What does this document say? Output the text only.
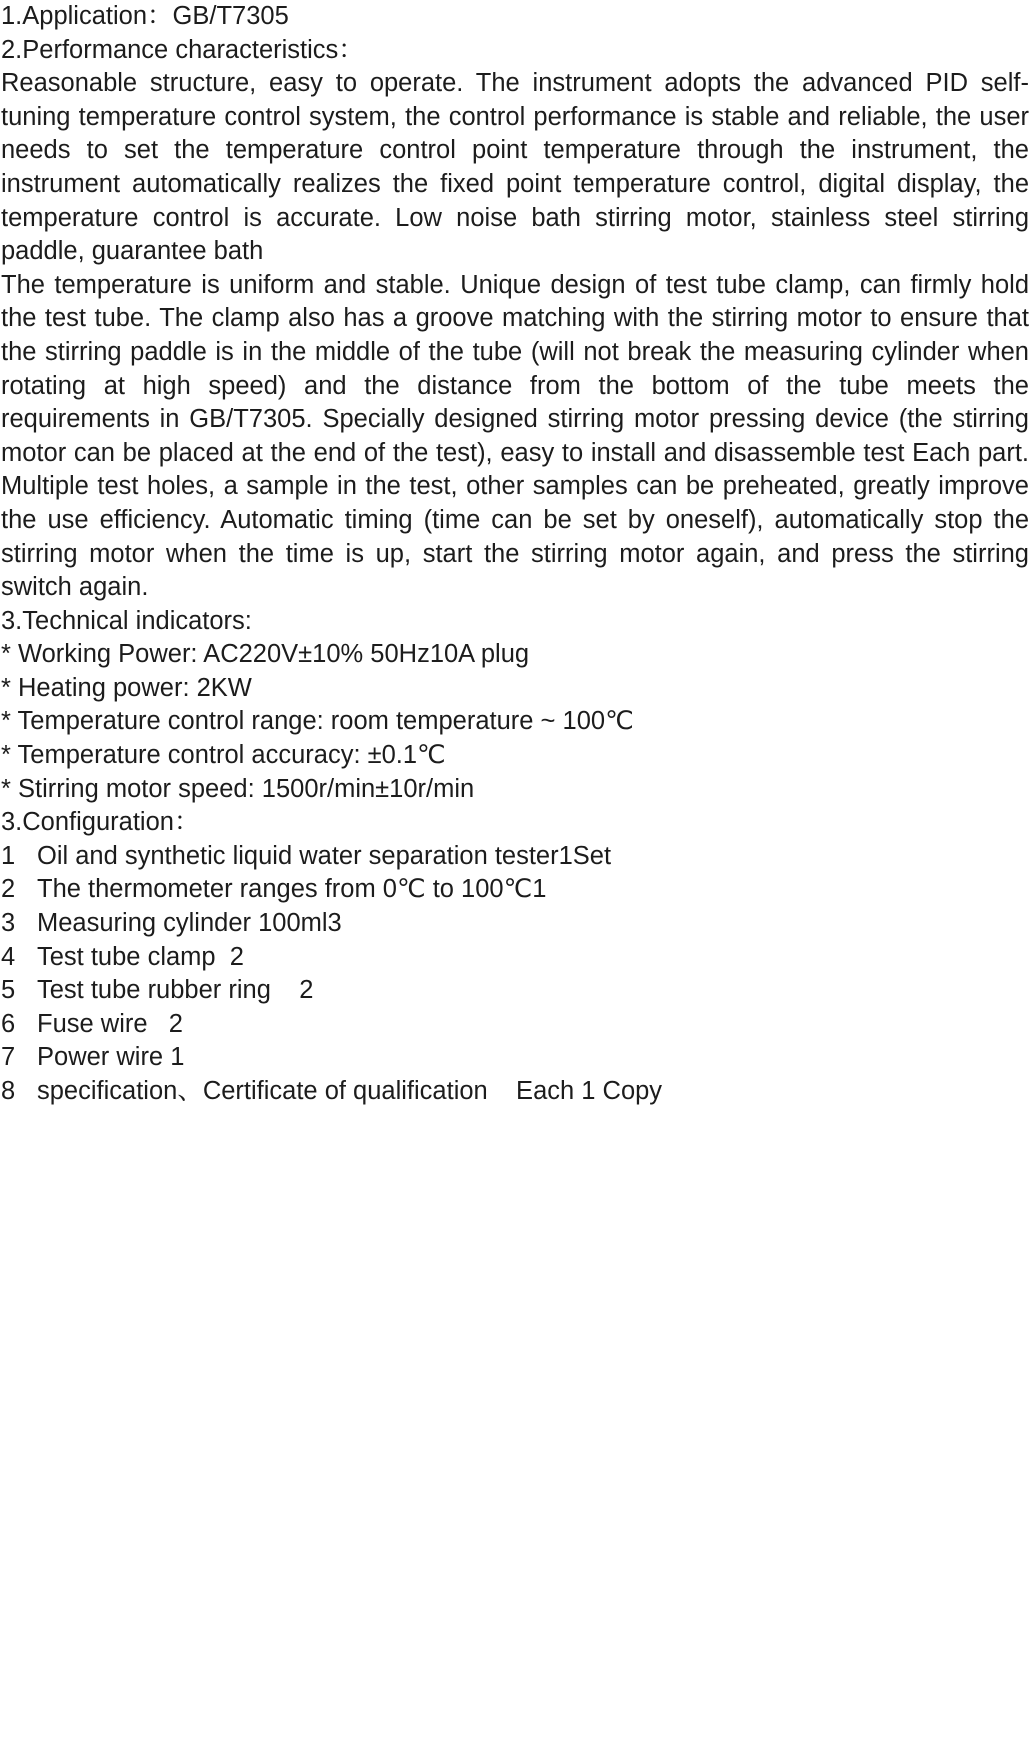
1.Application：GB/T7305
2.Performance characteristics：
Reasonable structure, easy to operate. The instrument adopts the advanced PID self-tuning temperature control system, the control performance is stable and reliable, the user needs to set the temperature control point temperature through the instrument, the instrument automatically realizes the fixed point temperature control, digital display, the temperature control is accurate. Low noise bath stirring motor, stainless steel stirring paddle, guarantee bath
The temperature is uniform and stable. Unique design of test tube clamp, can firmly hold the test tube. The clamp also has a groove matching with the stirring motor to ensure that the stirring paddle is in the middle of the tube (will not break the measuring cylinder when rotating at high speed) and the distance from the bottom of the tube meets the requirements in GB/T7305. Specially designed stirring motor pressing device (the stirring motor can be placed at the end of the test), easy to install and disassemble test Each part. Multiple test holes, a sample in the test, other samples can be preheated, greatly improve the use efficiency. Automatic timing (time can be set by oneself), automatically stop the stirring motor when the time is up, start the stirring motor again, and press the stirring switch again.
3.Technical indicators:
* Working Power: AC220V±10% 50Hz10A plug
* Heating power: 2KW
* Temperature control range: room temperature ~ 100℃
* Temperature control accuracy: ±0.1℃
* Stirring motor speed: 1500r/min±10r/min
3.Configuration：
1 Oil and synthetic liquid water separation tester1Set
2 The thermometer ranges from 0℃ to 100℃1
3 Measuring cylinder 100ml3
4 Test tube clamp  2
5 Test tube rubber ring    2
6 Fuse wire   2
7 Power wire 1
8 specification、Certificate of qualification    Each 1 Copy
